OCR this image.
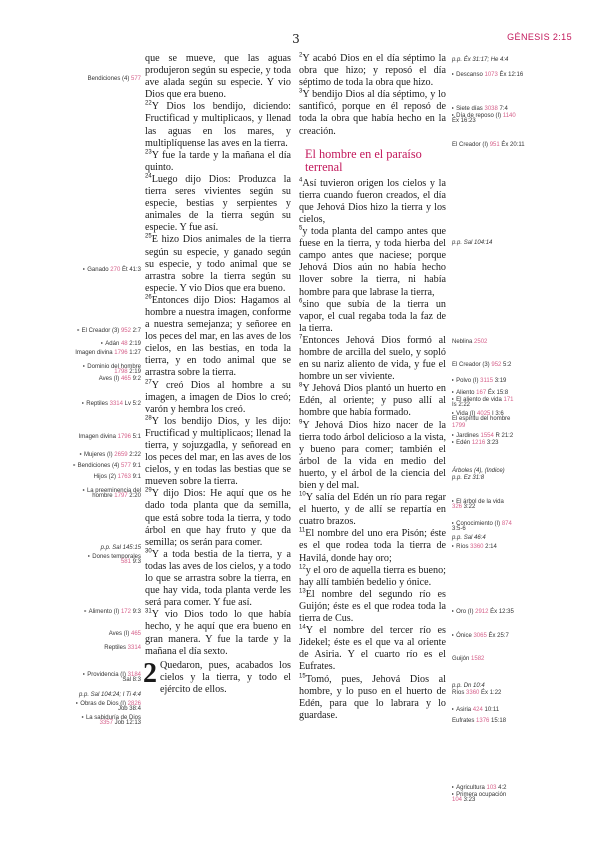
3	GÉNESIS 2:15
que se mueve, que las aguas produjeron según su especie, y toda ave alada según su especie. Y vio Dios que era bueno.
$^{22}$Y Dios los bendijo, diciendo: Fructificad y multiplicaos, y llenad las aguas en los mares, y multiplíquense las aves en la tierra.
$^{23}$Y fue la tarde y la mañana el día quinto.
$^{24}$Luego dijo Dios: Produzca la tierra seres vivientes según su especie, bestias y serpientes y animales de la tierra según su especie. Y fue así.
$^{25}$E hizo Dios animales de la tierra según su especie, y ganado según su especie, y todo animal que se arrastra sobre la tierra según su especie. Y vio Dios que era bueno.
$^{26}$Entonces dijo Dios: Hagamos al hombre a nuestra imagen, conforme a nuestra semejanza; y señoree en los peces del mar, en las aves de los cielos, en las bestias, en toda la tierra, y en todo animal que se arrastra sobre la tierra.
$^{27}$Y creó Dios al hombre a su imagen, a imagen de Dios lo creó; varón y hembra los creó.
$^{28}$Y los bendijo Dios, y les dijo: Fructificad y multiplicaos; llenad la tierra, y sojuzgadla, y señoread en los peces del mar, en las aves de los cielos, y en todas las bestias que se mueven sobre la tierra.
$^{29}$Y dijo Dios: He aquí que os he dado toda planta que da semilla, que está sobre toda la tierra, y todo árbol en que hay fruto y que da semilla; os serán para comer.
$^{30}$Y a toda bestia de la tierra, y a todas las aves de los cielos, y a todo lo que se arrastra sobre la tierra, en que hay vida, toda planta verde les será para comer. Y fue así.
$^{31}$Y vio Dios todo lo que había hecho, y he aquí que era bueno en gran manera. Y fue la tarde y la mañana el día sexto.
2 Quedaron, pues, acabados los cielos y la tierra, y todo el ejército de ellos.
$^2$Y acabó Dios en el día séptimo la obra que hizo; y reposó el día séptimo de toda la obra que hizo.
$^3$Y bendijo Dios al día séptimo, y lo santificó, porque en él reposó de toda la obra que había hecho en la creación.
El hombre en el paraíso terrenal
$^4$Así tuvieron origen los cielos y la tierra cuando fueron creados, el día que Jehová Dios hizo la tierra y los cielos,
$^5$y toda planta del campo antes que fuese en la tierra, y toda hierba del campo antes que naciese; porque Jehová Dios aún no había hecho llover sobre la tierra, ni había hombre para que labrase la tierra,
$^6$sino que subía de la tierra un vapor, el cual regaba toda la faz de la tierra.
$^7$Entonces Jehová Dios formó al hombre de arcilla del suelo, y sopló en su nariz aliento de vida, y fue el hombre un ser viviente.
$^8$Y Jehová Dios plantó un huerto en Edén, al oriente; y puso allí al hombre que había formado.
$^9$Y Jehová Dios hizo nacer de la tierra todo árbol delicioso a la vista, y bueno para comer; también el árbol de la vida en medio del huerto, y el árbol de la ciencia del bien y del mal.
$^{10}$Y salía del Edén un río para regar el huerto, y de allí se repartía en cuatro brazos.
$^{11}$El nombre del uno era Pisón; éste es el que rodea toda la tierra de Havilá, donde hay oro;
$^{12}$y el oro de aquella tierra es bueno; hay allí también bedelio y ónice.
$^{13}$El nombre del segundo río es Guijón; éste es el que rodea toda la tierra de Cus.
$^{14}$Y el nombre del tercer río es Jidekel; éste es el que va al oriente de Asiria. Y el cuarto río es el Eufrates.
$^{15}$Tomó, pues, Jehová Dios al hombre, y lo puso en el huerto de Edén, para que lo labrara y lo guardase.
Bendiciones (4) 577
▸ Ganado 270 Ët 41:3
▸ El Creador (3) 952 2:7
▸ Adán 48 2:19
Imagen divina 1796 1:27
▸ Dominio del hombre
1798 2:19
Aves (I) 465 9:2
▸ Reptiles 3314 Lv 5:2
Imagen divina 1796 5:1
▸ Mujeres (I) 2659 2:22
▸ Bendiciones (4) 577 9:1
Hijos (2) 1763 9:1
▸ La preeminencia del
hombre 1797 2:20
p.p. Sal 145:15
▸ Dones temporales
581 9:3
▸ Alimento (I) 172 9:3
Aves (I) 465
Reptiles 3314
▸ Providencia (I) 3184
Sal 8:3
p.p. Sal 104:24; I Ti 4:4
▸ Obras de Dios (I) 2826
Job 38:4
▸ La sabiduría de Dios
3357 Job 12:13
p.p. Éx 31:17; He 4:4
▸ Descanso 1073 Éx 12:16
▸ Siete días 3038 7:4
▸ Día de reposo (I) 1140
Éx 16:23
El Creador (I) 951 Éx 20:11
p.p. Sal 104:14
Neblina 2502
El Creador (3) 952 5:2
▸ Polvo (I) 3115 3:19
▸ Aliento 167 Éx 15:8
▸ El aliento de vida 171
Is 2:22
▸ Vida (I) 4025 I 3:6
El espíritu del hombre
1799
▸ Jardines 1554 R 21:2
▸ Edén 1216 3:23
Árboles (4), (Indice)
p.p. Ez 31:8
▸ El árbol de la vida
326 3:22
▸ Conocimiento (I) 874
3:5-6
p.p. Sal 46:4
▸ Ríos 3360 2:14
▸ Oro (I) 2912 Éx 12:35
▸ Ónice 3065 Éx 25:7
Guijón 1582
p.p. Dn 10:4
Ríos 3360 Éx 1:22
▸ Asiria 424 10:11
Eufrates 1376 15:18
▸ Agricultura 103 4:2
▸ Primera ocupación
104 3:23
